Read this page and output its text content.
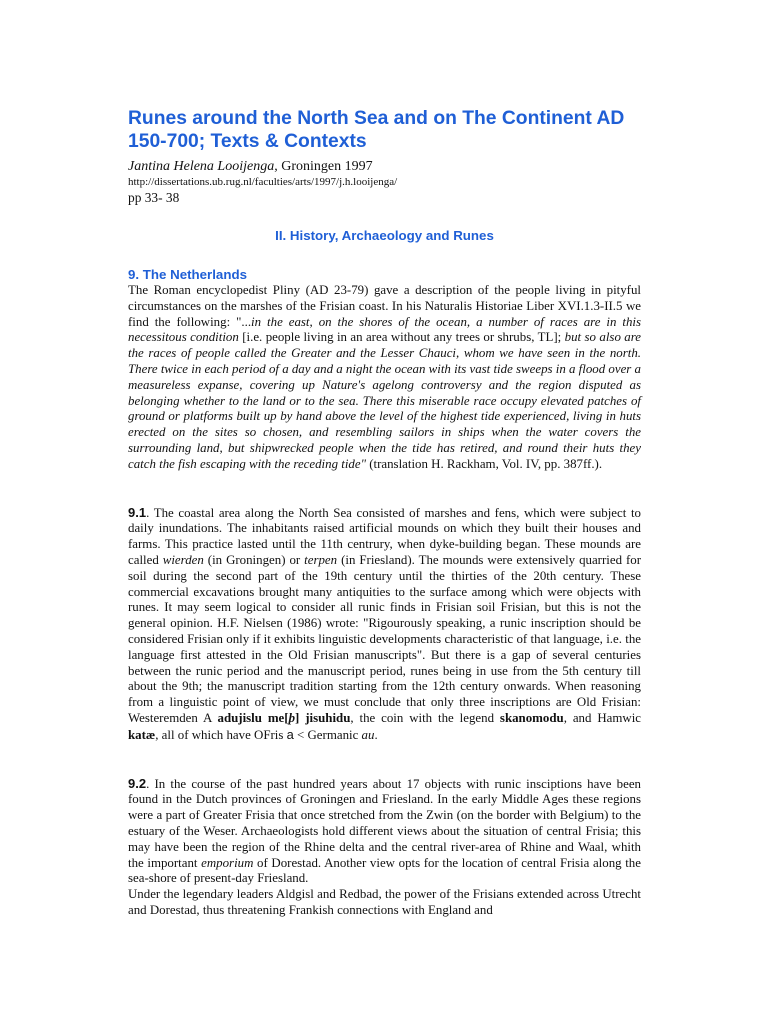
Runes around the North Sea and on The Continent AD 150-700; Texts & Contexts
Jantina Helena Looijenga, Groningen 1997
http://dissertations.ub.rug.nl/faculties/arts/1997/j.h.looijenga/
pp 33- 38
II. History, Archaeology and Runes
9. The Netherlands

The Roman encyclopedist Pliny (AD 23-79) gave a description of the people living in pityful circumstances on the marshes of the Frisian coast. In his Naturalis Historiae Liber XVI.1.3-II.5 we find the following: "...in the east, on the shores of the ocean, a number of races are in this necessitous condition [i.e. people living in an area without any trees or shrubs, TL]; but so also are the races of people called the Greater and the Lesser Chauci, whom we have seen in the north. There twice in each period of a day and a night the ocean with its vast tide sweeps in a flood over a measureless expanse, covering up Nature's agelong controversy and the region disputed as belonging whether to the land or to the sea. There this miserable race occupy elevated patches of ground or platforms built up by hand above the level of the highest tide experienced, living in huts erected on the sites so chosen, and resembling sailors in ships when the water covers the surrounding land, but shipwrecked people when the tide has retired, and round their huts they catch the fish escaping with the receding tide" (translation H. Rackham, Vol. IV, pp. 387ff.).

9.1. The coastal area along the North Sea consisted of marshes and fens, which were subject to daily inundations. The inhabitants raised artificial mounds on which they built their houses and farms. This practice lasted until the 11th centrury, when dyke-building began. These mounds are called wierden (in Groningen) or terpen (in Friesland). The mounds were extensively quarried for soil during the second part of the 19th century until the thirties of the 20th century. These commercial excavations brought many antiquities to the surface among which were objects with runes. It may seem logical to consider all runic finds in Frisian soil Frisian, but this is not the general opinion. H.F. Nielsen (1986) wrote: "Rigourously speaking, a runic inscription should be considered Frisian only if it exhibits linguistic developments characteristic of that language, i.e. the language first attested in the Old Frisian manuscripts". But there is a gap of several centuries between the runic period and the manuscript period, runes being in use from the 5th century till about the 9th; the manuscript tradition starting from the 12th century onwards. When reasoning from a linguistic point of view, we must conclude that only three inscriptions are Old Frisian: Westeremden A adujislu me[þ] jisuhidu, the coin with the legend skanomodu, and Hamwic katæ, all of which have OFris a < Germanic au.

9.2. In the course of the past hundred years about 17 objects with runic insciptions have been found in the Dutch provinces of Groningen and Friesland. In the early Middle Ages these regions were a part of Greater Frisia that once stretched from the Zwin (on the border with Belgium) to the estuary of the Weser. Archaeologists hold different views about the situation of central Frisia; this may have been the region of the Rhine delta and the central river-area of Rhine and Waal, whith the important emporium of Dorestad. Another view opts for the location of central Frisia along the sea-shore of present-day Friesland.

Under the legendary leaders Aldgisl and Redbad, the power of the Frisians extended across Utrecht and Dorestad, thus threatening Frankish connections with England and
